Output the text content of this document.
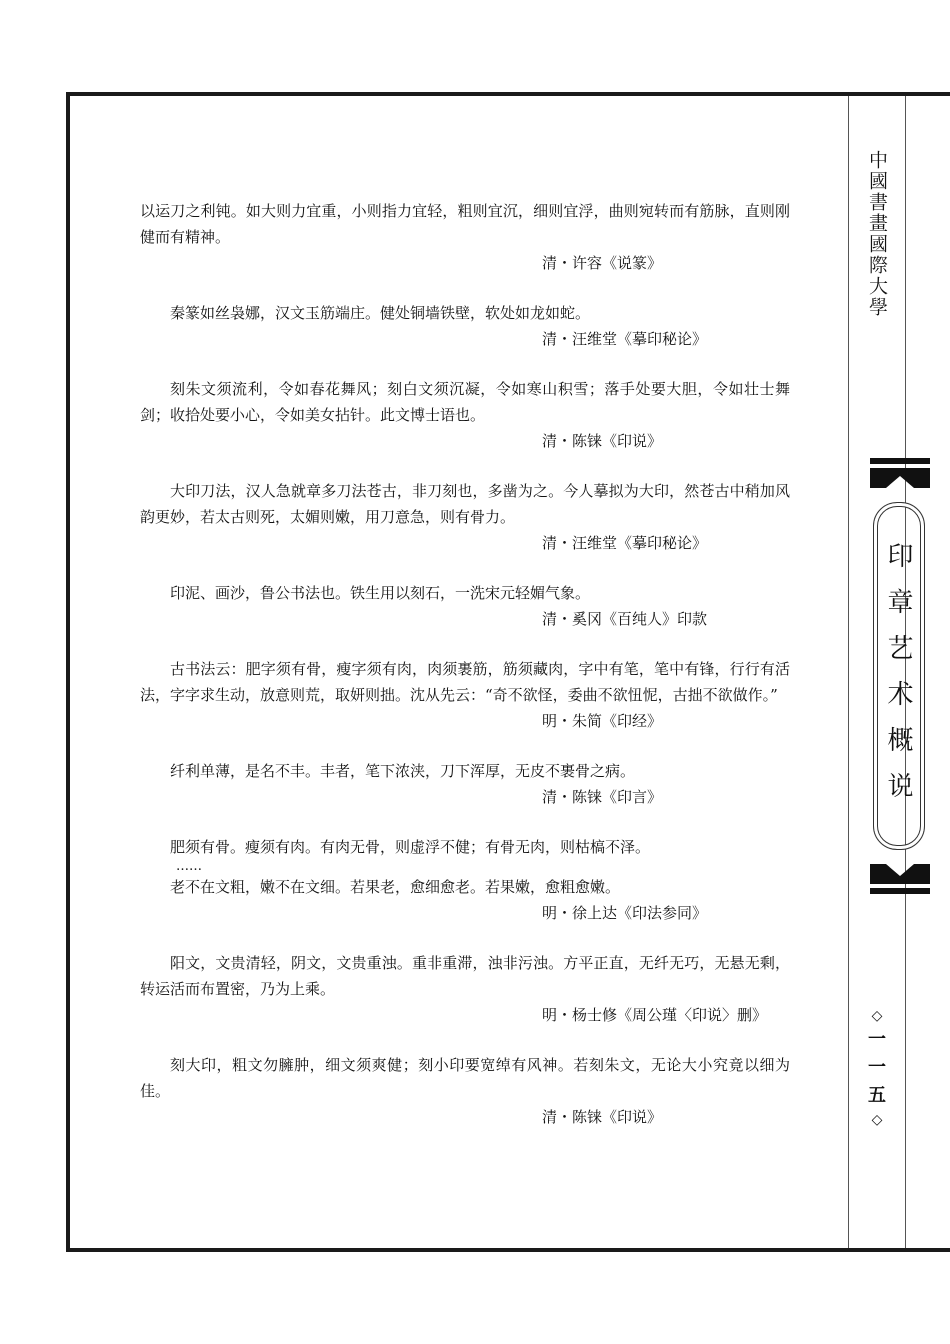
以运刀之利钝。如大则力宜重，小则指力宜轻，粗则宜沉，细则宜浮，曲则宛转而有筋脉，直则刚健而有精神。

清・许容《说篆》

秦篆如丝袅娜，汉文玉筋端庄。健处铜墙铁壁，软处如龙如蛇。

清・汪维堂《摹印秘论》

刻朱文须流利，令如春花舞风；刻白文须沉凝，令如寒山积雪；落手处要大胆，令如壮士舞剑；收拾处要小心，令如美女拈针。此文博士语也。

清・陈铼《印说》

大印刀法，汉人急就章多刀法苍古，非刀刻也，多凿为之。今人摹拟为大印，然苍古中稍加风韵更妙，若太古则死，太媚则嫩，用刀意急，则有骨力。

清・汪维堂《摹印秘论》

印泥、画沙，鲁公书法也。铁生用以刻石，一洗宋元轻媚气象。

清・奚冈《百纯人》印款

古书法云：肥字须有骨，瘦字须有肉，肉须裹筋，筋须藏肉，字中有笔，笔中有锋，行行有活法，字字求生动，放意则荒，取妍则拙。沈从先云：“奇不欲怪，委曲不欲忸怩，古拙不欲做作。”

明・朱简《印经》

纤利单薄，是名不丰。丰者，笔下浓浃，刀下浑厚，无皮不裹骨之病。

清・陈铼《印言》

肥须有骨。瘦须有肉。有肉无骨，则虚浮不健；有骨无肉，则枯槁不泽。

……

老不在文粗，嫩不在文细。若果老，愈细愈老。若果嫩，愈粗愈嫩。

明・徐上达《印法参同》

阳文，文贵清轻，阴文，文贵重浊。重非重滞，浊非污浊。方平正直，无纤无巧，无悬无剩，转运活而布置密，乃为上乘。

明・杨士修《周公瑾〈印说〉删》

刻大印，粗文勿臃肿，细文须爽健；刻小印要宽绰有风神。若刻朱文，无论大小究竟以细为佳。

清・陈铼《印说》

中國書畫國際大學
印章艺术概说
◇
一
一
五
◇
